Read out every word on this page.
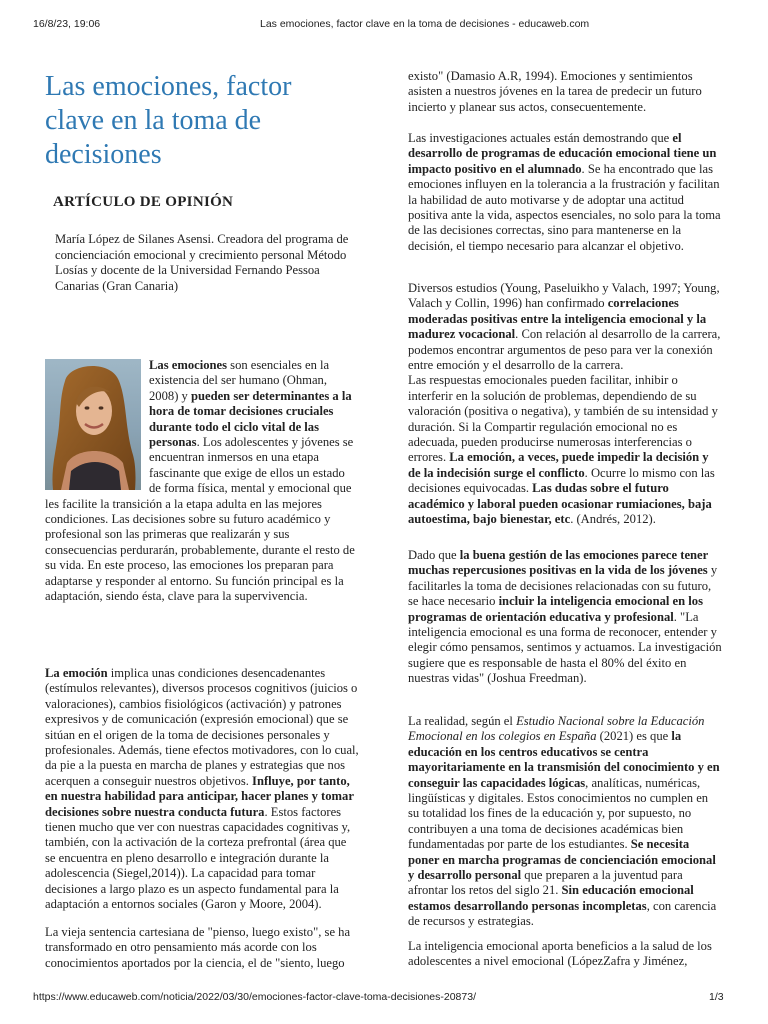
16/8/23, 19:06	Las emociones, factor clave en la toma de decisiones - educaweb.com
Las emociones, factor clave en la toma de decisiones
ARTÍCULO DE OPINIÓN

María López de Silanes Asensi. Creadora del programa de concienciación emocional y crecimiento personal Método

Losías y docente de la Universidad Fernando Pessoa Canarias (Gran Canaria)

Las emociones son esenciales en la existencia del ser humano (Ohman, 2008) y pueden ser determinantes a la hora de tomar decisiones cruciales durante todo el ciclo vital de las personas. Los adolescentes y jóvenes se encuentran inmersos en una etapa fascinante que exige de ellos un estado de forma física, mental y emocional que les facilite la transición a la etapa adulta en las mejores condiciones. Las decisiones sobre su futuro académico y profesional son las primeras que realizarán y sus consecuencias perdurarán, probablemente, durante el resto de su vida. En este proceso, las emociones los preparan para adaptarse y responder al entorno. Su función principal es la adaptación, siendo ésta, clave para la supervivencia.

La emoción implica unas condiciones desencadenantes (estímulos relevantes), diversos procesos cognitivos (juicios o valoraciones), cambios fisiológicos (activación) y patrones expresivos y de comunicación (expresión emocional) que se sitúan en el origen de la toma de decisiones personales y profesionales. Además, tiene efectos motivadores, con lo cual, da pie a la puesta en marcha de planes y estrategias que nos acerquen a conseguir nuestros objetivos. Influye, por tanto, en nuestra habilidad para anticipar, hacer planes y tomar decisiones sobre nuestra conducta futura. Estos factores tienen mucho que ver con nuestras capacidades cognitivas y, también, con la activación de la corteza prefrontal (área que se encuentra en pleno desarrollo e integración durante la adolescencia (Siegel,2014)). La capacidad para tomar decisiones a largo plazo es un aspecto fundamental para la adaptación a entornos sociales (Garon y Moore, 2004).

La vieja sentencia cartesiana de "pienso, luego existo", se ha transformado en otro pensamiento más acorde con los conocimientos aportados por la ciencia, el de "siento, luego

existo" (Damasio A.R, 1994). Emociones y sentimientos asisten a nuestros jóvenes en la tarea de predecir un futuro incierto y planear sus actos, consecuentemente.

Las investigaciones actuales están demostrando que el desarrollo de programas de educación emocional tiene un impacto positivo en el alumnado. Se ha encontrado que las emociones influyen en la tolerancia a la frustración y facilitan la habilidad de auto motivarse y de adoptar una actitud positiva ante la vida, aspectos esenciales, no solo para la toma de las decisiones correctas, sino para mantenerse en la decisión, el tiempo necesario para alcanzar el objetivo.

Diversos estudios (Young, Paseluikho y Valach, 1997; Young, Valach y Collin, 1996) han confirmado correlaciones moderadas positivas entre la inteligencia emocional y la madurez vocacional. Con relación al desarrollo de la carrera, podemos encontrar argumentos de peso para ver la conexión entre emoción y el desarrollo de la carrera.
Las respuestas emocionales pueden facilitar, inhibir o interferir en la solución de problemas, dependiendo de su valoración (positiva o negativa), y también de su intensidad y duración. Si la Compartir regulación emocional no es adecuada, pueden producirse numerosas interferencias o errores. La emoción, a veces, puede impedir la decisión y de la indecisión surge el conflicto. Ocurre lo mismo con las decisiones equivocadas. Las dudas sobre el futuro académico y laboral pueden ocasionar rumiaciones, baja autoestima, bajo bienestar, etc. (Andrés, 2012).

Dado que la buena gestión de las emociones parece tener muchas repercusiones positivas en la vida de los jóvenes y facilitarles la toma de decisiones relacionadas con su futuro, se hace necesario incluir la inteligencia emocional en los programas de orientación educativa y profesional. "La inteligencia emocional es una forma de reconocer, entender y elegir cómo pensamos, sentimos y actuamos. La investigación sugiere que es responsable de hasta el 80% del éxito en nuestras vidas" (Joshua Freedman).

La realidad, según el Estudio Nacional sobre la Educación Emocional en los colegios en España (2021) es que la educación en los centros educativos se centra mayoritariamente en la transmisión del conocimiento y en conseguir las capacidades lógicas, analíticas, numéricas, lingüísticas y digitales. Estos conocimientos no cumplen en su totalidad los fines de la educación y, por supuesto, no contribuyen a una toma de decisiones académicas bien fundamentadas por parte de los estudiantes. Se necesita poner en marcha programas de concienciación emocional y desarrollo personal que preparen a la juventud para afrontar los retos del siglo 21. Sin educación emocional estamos desarrollando personas incompletas, con carencia de recursos y estrategias.

La inteligencia emocional aporta beneficios a la salud de los adolescentes a nivel emocional (LópezZafra y Jiménez,

https://www.educaweb.com/noticia/2022/03/30/emociones-factor-clave-toma-decisiones-20873/	1/3
